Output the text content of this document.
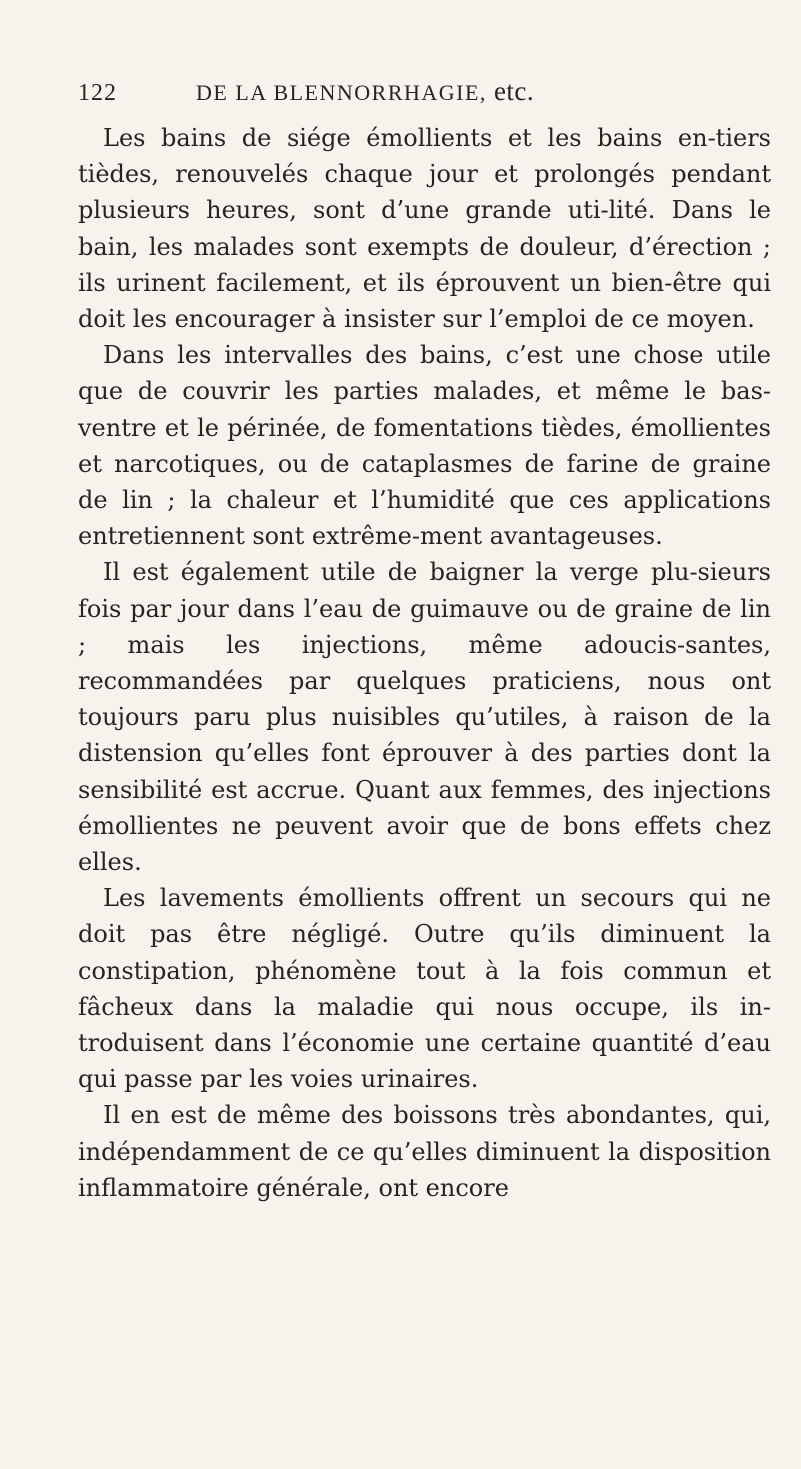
122	DE LA BLENNORRHAGIE, etc.

Les bains de siége émollients et les bains en-tiers tièdes, renouvelés chaque jour et prolongés pendant plusieurs heures, sont d’une grande uti-lité. Dans le bain, les malades sont exempts de douleur, d’érection ; ils urinent facilement, et ils éprouvent un bien-être qui doit les encourager à insister sur l’emploi de ce moyen.

Dans les intervalles des bains, c’est une chose utile que de couvrir les parties malades, et même le bas-ventre et le périnée, de fomentations tièdes, émollientes et narcotiques, ou de cataplasmes de farine de graine de lin ; la chaleur et l’humidité que ces applications entretiennent sont extrême-ment avantageuses.

Il est également utile de baigner la verge plu-sieurs fois par jour dans l’eau de guimauve ou de graine de lin ; mais les injections, même adoucis-santes, recommandées par quelques praticiens, nous ont toujours paru plus nuisibles qu’utiles, à raison de la distension qu’elles font éprouver à des parties dont la sensibilité est accrue. Quant aux femmes, des injections émollientes ne peuvent avoir que de bons effets chez elles.

Les lavements émollients offrent un secours qui ne doit pas être négligé. Outre qu’ils diminuent la constipation, phénomène tout à la fois commun et fâcheux dans la maladie qui nous occupe, ils in-troduisent dans l’économie une certaine quantité d’eau qui passe par les voies urinaires.

Il en est de même des boissons très abondantes, qui, indépendamment de ce qu’elles diminuent la disposition inflammatoire générale, ont encore
